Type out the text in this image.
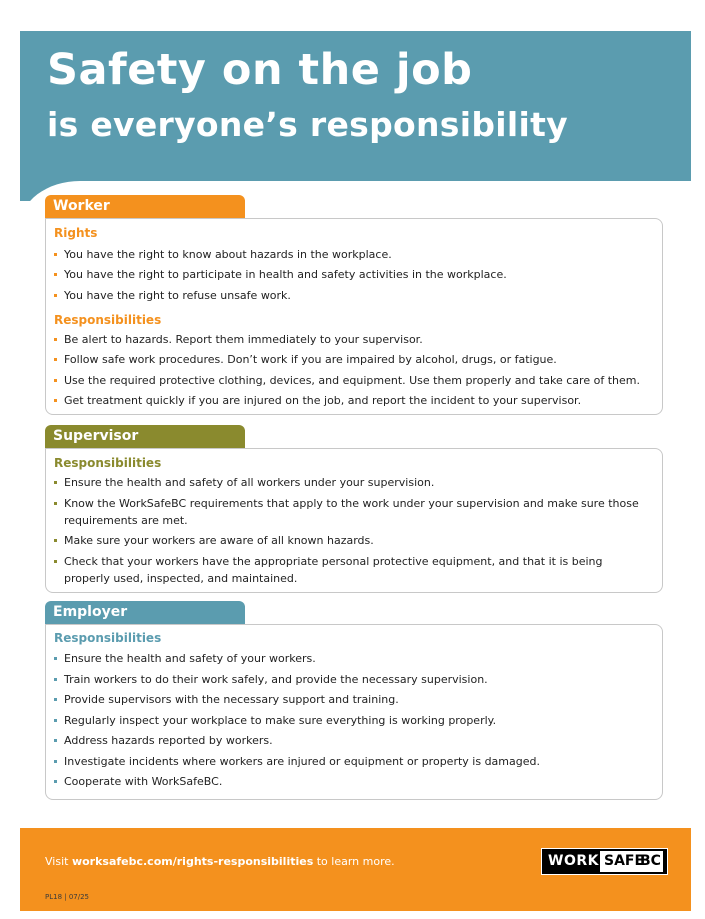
Safety on the job
is everyone’s responsibility
Worker
Rights
You have the right to know about hazards in the workplace.
You have the right to participate in health and safety activities in the workplace.
You have the right to refuse unsafe work.
Responsibilities
Be alert to hazards. Report them immediately to your supervisor.
Follow safe work procedures. Don’t work if you are impaired by alcohol, drugs, or fatigue.
Use the required protective clothing, devices, and equipment. Use them properly and take care of them.
Get treatment quickly if you are injured on the job, and report the incident to your supervisor.
Supervisor
Responsibilities
Ensure the health and safety of all workers under your supervision.
Know the WorkSafeBC requirements that apply to the work under your supervision and make sure those requirements are met.
Make sure your workers are aware of all known hazards.
Check that your workers have the appropriate personal protective equipment, and that it is being properly used, inspected, and maintained.
Employer
Responsibilities
Ensure the health and safety of your workers.
Train workers to do their work safely, and provide the necessary supervision.
Provide supervisors with the necessary support and training.
Regularly inspect your workplace to make sure everything is working properly.
Address hazards reported by workers.
Investigate incidents where workers are injured or equipment or property is damaged.
Cooperate with WorkSafeBC.
Visit worksafebc.com/rights-responsibilities to learn more.
PL18 | 07/25
WORK SAFE
BC
